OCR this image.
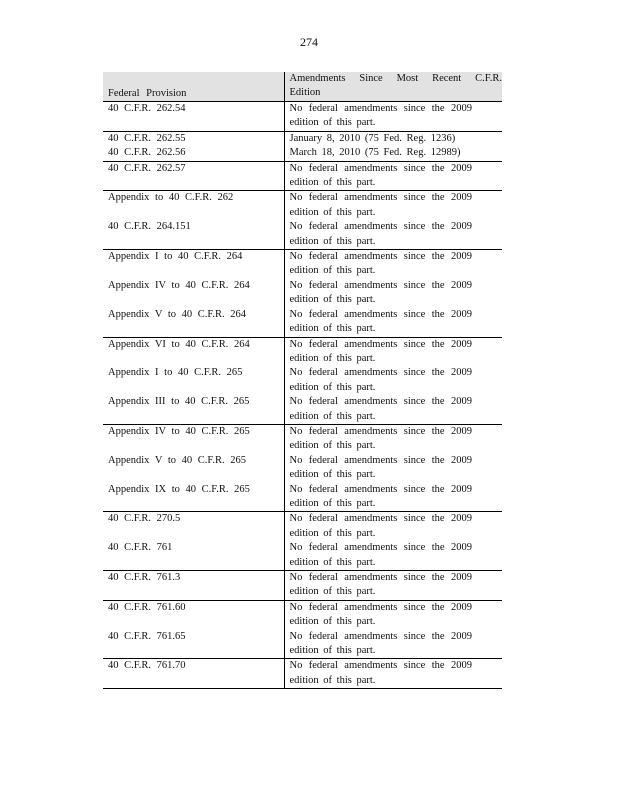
274
Federal Provision	Amendments Since Most Recent C.F.R. Edition
40 C.F.R. 262.54	No federal amendments since the 2009 edition of this part.

40 C.F.R. 262.55	January 8, 2010 (75 Fed. Reg. 1236)

40 C.F.R. 262.56	March 18, 2010 (75 Fed. Reg. 12989)

40 C.F.R. 262.57	No federal amendments since the 2009 edition of this part.

Appendix to 40 C.F.R. 262	No federal amendments since the 2009 edition of this part.

40 C.F.R. 264.151	No federal amendments since the 2009 edition of this part.

Appendix I to 40 C.F.R. 264	No federal amendments since the 2009 edition of this part.

Appendix IV to 40 C.F.R. 264	No federal amendments since the 2009 edition of this part.

Appendix V to 40 C.F.R. 264	No federal amendments since the 2009 edition of this part.

Appendix VI to 40 C.F.R. 264	No federal amendments since the 2009 edition of this part.

Appendix I to 40 C.F.R. 265	No federal amendments since the 2009 edition of this part.

Appendix III to 40 C.F.R. 265	No federal amendments since the 2009 edition of this part.

Appendix IV to 40 C.F.R. 265	No federal amendments since the 2009 edition of this part.

Appendix V to 40 C.F.R. 265	No federal amendments since the 2009 edition of this part.

Appendix IX to 40 C.F.R. 265	No federal amendments since the 2009 edition of this part.

40 C.F.R. 270.5	No federal amendments since the 2009 edition of this part.

40 C.F.R. 761	No federal amendments since the 2009 edition of this part.

40 C.F.R. 761.3	No federal amendments since the 2009 edition of this part.

40 C.F.R. 761.60	No federal amendments since the 2009 edition of this part.

40 C.F.R. 761.65	No federal amendments since the 2009 edition of this part.

40 C.F.R. 761.70	No federal amendments since the 2009 edition of this part.
